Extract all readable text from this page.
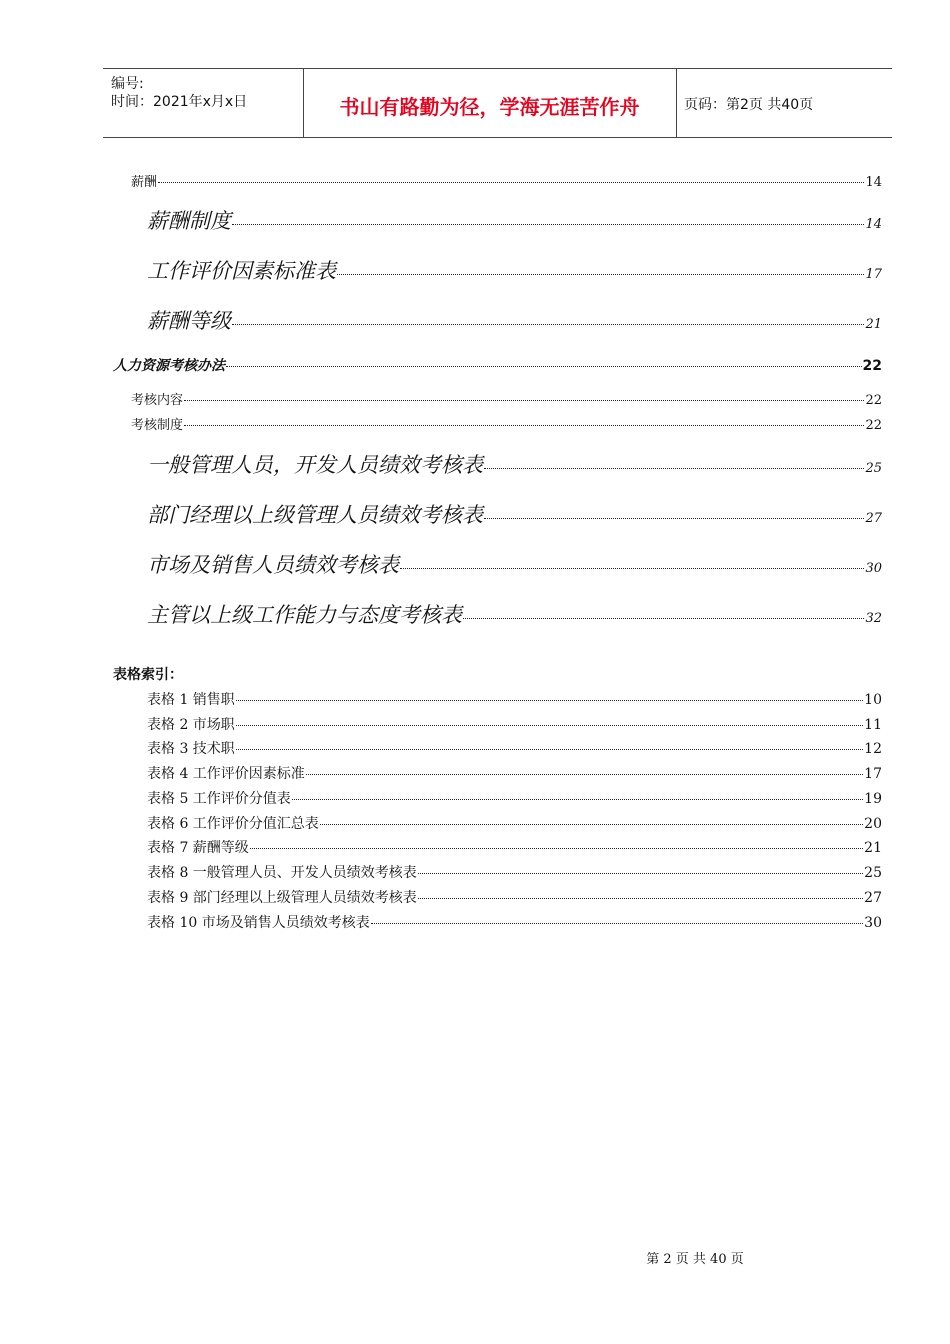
编号:
时间：2021年x月x日	书山有路勤为径，学海无涯苦作舟	页码：第2页 共40页
薪酬	14
薪酬制度	14
工作评价因素标准表	17
薪酬等级	21
人力资源考核办法	22
考核内容	22
考核制度	22
一般管理人员，开发人员绩效考核表	25
部门经理以上级管理人员绩效考核表	27
市场及销售人员绩效考核表	30
主管以上级工作能力与态度考核表	32
表格索引：
表格 1 销售职	10
表格 2 市场职	11
表格 3 技术职	12
表格 4 工作评价因素标准	17
表格 5 工作评价分值表	19
表格 6 工作评价分值汇总表	20
表格 7 薪酬等级	21
表格 8 一般管理人员、开发人员绩效考核表	25
表格 9 部门经理以上级管理人员绩效考核表	27
表格 10 市场及销售人员绩效考核表	30
第 2 页 共 40 页
